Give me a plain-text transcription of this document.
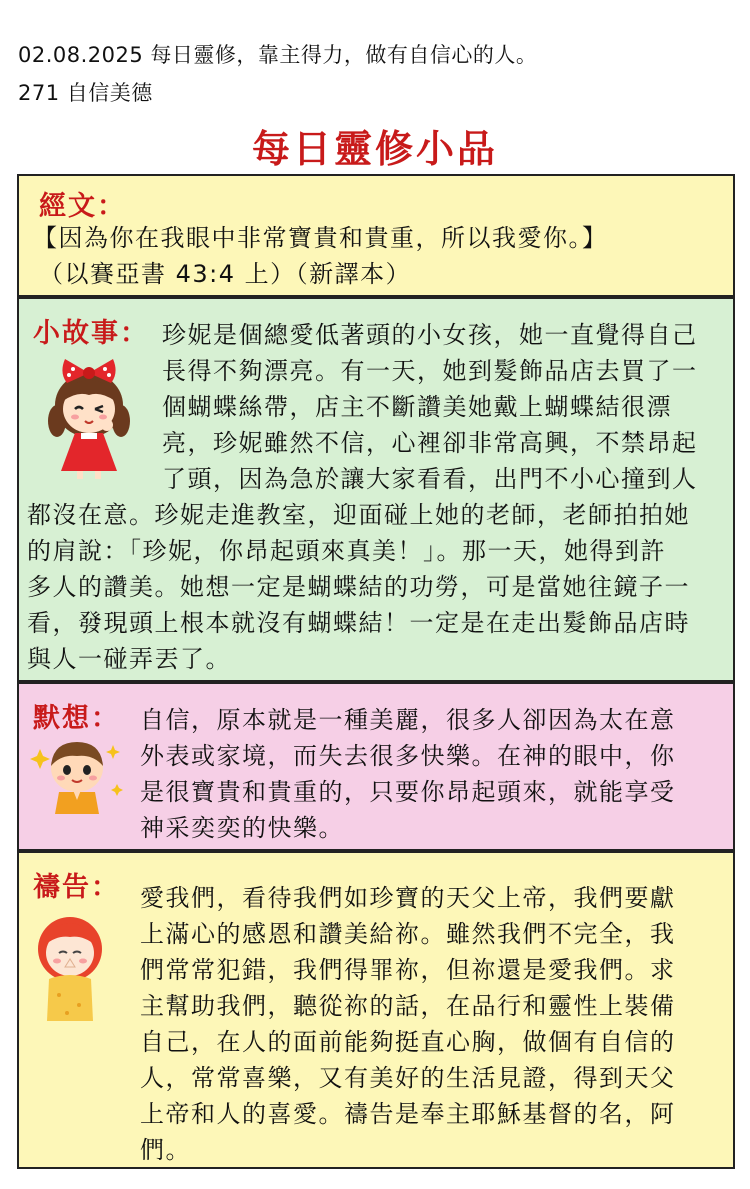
02.08.2025 每日靈修，靠主得力，做有自信心的人。
271 自信美德
每日靈修小品
經文：
【因為你在我眼中非常寶貴和貴重，所以我愛你。】
（以賽亞書 43:4 上）（新譯本）
小故事： 珍妮是個總愛低著頭的小女孩，她一直覺得自己
長得不夠漂亮。有一天，她到髮飾品店去買了一
個蝴蝶絲帶，店主不斷讚美她戴上蝴蝶結很漂
亮，珍妮雖然不信，心裡卻非常高興，不禁昂起
了頭，因為急於讓大家看看，出門不小心撞到人
都沒在意。珍妮走進教室，迎面碰上她的老師，老師拍拍她
的肩說：「珍妮，你昂起頭來真美！」。那一天，她得到許
多人的讚美。她想一定是蝴蝶結的功勞，可是當她往鏡子一
看，發現頭上根本就沒有蝴蝶結！一定是在走出髮飾品店時
與人一碰弄丟了。
默想： 自信，原本就是一種美麗，很多人卻因為太在意
外表或家境，而失去很多快樂。在神的眼中，你
是很寶貴和貴重的，只要你昂起頭來，就能享受
神采奕奕的快樂。
禱告： 愛我們，看待我們如珍寶的天父上帝，我們要獻
上滿心的感恩和讚美給祢。雖然我們不完全，我
們常常犯錯，我們得罪祢，但祢還是愛我們。求
主幫助我們，聽從祢的話，在品行和靈性上裝備
自己，在人的面前能夠挺直心胸，做個有自信的
人，常常喜樂，又有美好的生活見證，得到天父
上帝和人的喜愛。禱告是奉主耶穌基督的名，阿
們。
